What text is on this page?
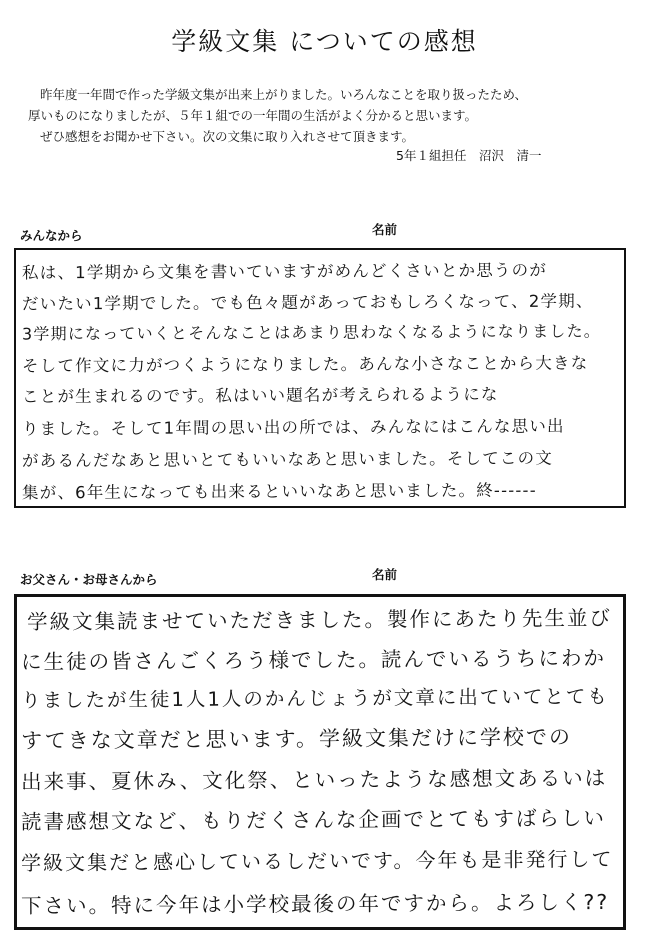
学級文集 についての感想
昨年度一年間で作った学級文集が出来上がりました。いろんなことを取り扱ったため、
厚いものになりましたが、５年１組での一年間の生活がよく分かると思います。
ぜひ感想をお聞かせ下さい。次の文集に取り入れさせて頂きます。
5年１組担任　沼沢　清一
みんなから	名前
私は、1学期から文集を書いていますがめんどくさいとか思うのが
だいたい1学期でした。でも色々題があっておもしろくなって、2学期、
3学期になっていくとそんなことはあまり思わなくなるようになりました。
そして作文に力がつくようになりました。あんな小さなことから大きな
ことが生まれるのです。私はいい題名が考えられるようにな
りました。そして1年間の思い出の所では、みんなにはこんな思い出
があるんだなあと思いとてもいいなあと思いました。そしてこの文
集が、6年生になっても出来るといいなあと思いました。終------
お父さん・お母さんから	名前
学級文集読ませていただきました。製作にあたり先生並び
に生徒の皆さんごくろう様でした。読んでいるうちにわか
りましたが生徒1人1人のかんじょうが文章に出ていてとても
すてきな文章だと思います。学級文集だけに学校での
出来事、夏休み、文化祭、といったような感想文あるいは
読書感想文など、もりだくさんな企画でとてもすばらしい
学級文集だと感心しているしだいです。今年も是非発行して
下さい。特に今年は小学校最後の年ですから。よろしく??
